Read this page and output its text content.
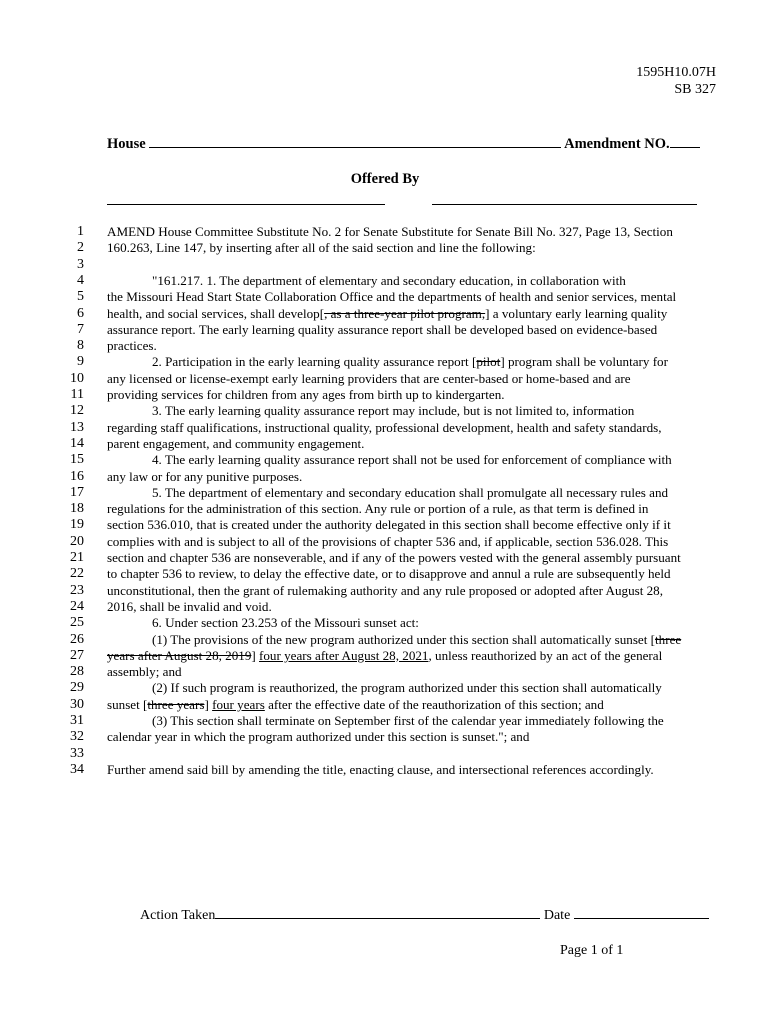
1595H10.07H
SB 327
House	Amendment NO.
Offered By
1 AMEND House Committee Substitute No. 2 for Senate Substitute for Senate Bill No. 327, Page 13, Section
2 160.263, Line 147, by inserting after all of the said section and line the following:
3
4	"161.217. 1. The department of elementary and secondary education, in collaboration with
5 the Missouri Head Start State Collaboration Office and the departments of health and senior services, mental
6 health, and social services, shall develop[, as a three-year pilot program,] a voluntary early learning quality
7 assurance report. The early learning quality assurance report shall be developed based on evidence-based
8 practices.
9	2. Participation in the early learning quality assurance report [pilot] program shall be voluntary for
10 any licensed or license-exempt early learning providers that are center-based or home-based and are
11 providing services for children from any ages from birth up to kindergarten.
12	3. The early learning quality assurance report may include, but is not limited to, information
13 regarding staff qualifications, instructional quality, professional development, health and safety standards,
14 parent engagement, and community engagement.
15	4. The early learning quality assurance report shall not be used for enforcement of compliance with
16 any law or for any punitive purposes.
17	5. The department of elementary and secondary education shall promulgate all necessary rules and
18 regulations for the administration of this section. Any rule or portion of a rule, as that term is defined in
19 section 536.010, that is created under the authority delegated in this section shall become effective only if it
20 complies with and is subject to all of the provisions of chapter 536 and, if applicable, section 536.028. This
21 section and chapter 536 are nonseverable, and if any of the powers vested with the general assembly pursuant
22 to chapter 536 to review, to delay the effective date, or to disapprove and annul a rule are subsequently held
23 unconstitutional, then the grant of rulemaking authority and any rule proposed or adopted after August 28,
24 2016, shall be invalid and void.
25	6. Under section 23.253 of the Missouri sunset act:
26	(1) The provisions of the new program authorized under this section shall automatically sunset [three
27 years after August 28, 2019] four years after August 28, 2021, unless reauthorized by an act of the general
28 assembly; and
29	(2) If such program is reauthorized, the program authorized under this section shall automatically
30 sunset [three years] four years after the effective date of the reauthorization of this section; and
31	(3) This section shall terminate on September first of the calendar year immediately following the
32 calendar year in which the program authorized under this section is sunset."; and
33
34 Further amend said bill by amending the title, enacting clause, and intersectional references accordingly.
Action Taken	Date
Page 1 of 1
